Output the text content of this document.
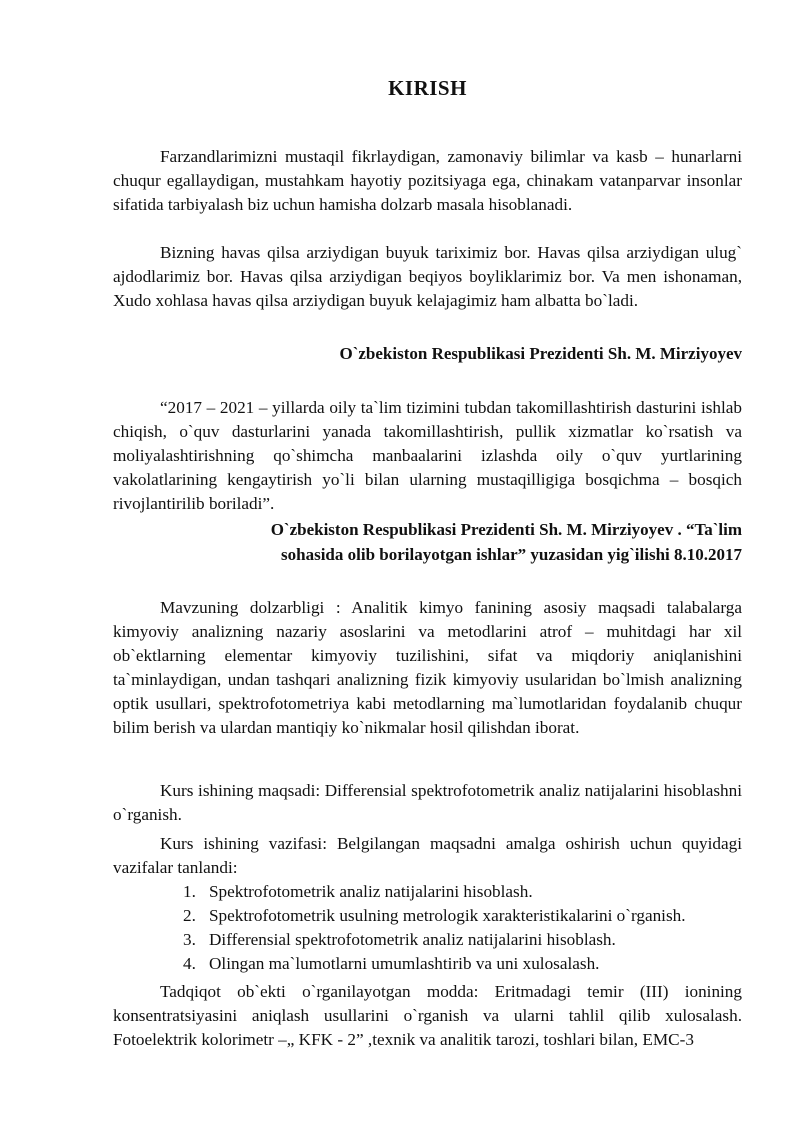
KIRISH

Farzandlarimizni mustaqil fikrlaydigan, zamonaviy bilimlar va kasb – hunarlarni chuqur egallaydigan, mustahkam hayotiy pozitsiyaga ega, chinakam vatanparvar insonlar sifatida tarbiyalash biz uchun hamisha dolzarb masala hisoblanadi.

Bizning havas qilsa arziydigan buyuk tariximiz bor. Havas qilsa arziydigan ulug` ajdodlarimiz bor. Havas qilsa arziydigan beqiyos boyliklarimiz bor. Va men ishonaman, Xudo xohlasa havas qilsa arziydigan buyuk kelajagimiz ham albatta bo`ladi.

O`zbekiston Respublikasi Prezidenti Sh. M. Mirziyoyev

“2017 – 2021 – yillarda oily ta`lim tizimini tubdan takomillashtirish dasturini ishlab chiqish, o`quv dasturlarini yanada takomillashtirish, pullik xizmatlar ko`rsatish va moliyalashtirishning qo`shimcha manbaalarini izlashda oily o`quv yurtlarining vakolatlarining kengaytirish yo`li bilan ularning mustaqilligiga bosqichma – bosqich rivojlantirilib boriladi”.

O`zbekiston Respublikasi Prezidenti Sh. M. Mirziyoyev . “Ta`lim

sohasida olib borilayotgan ishlar” yuzasidan yig`ilishi 8.10.2017

Mavzuning dolzarbligi : Analitik kimyo fanining asosiy maqsadi talabalarga kimyoviy analizning nazariy asoslarini va metodlarini atrof – muhitdagi har xil ob`ektlarning elementar kimyoviy tuzilishini, sifat va miqdoriy aniqlanishini ta`minlaydigan, undan tashqari analizning fizik kimyoviy usularidan bo`lmish analizning optik usullari, spektrofotometriya kabi metodlarning ma`lumotlaridan foydalanib chuqur bilim berish va ulardan mantiqiy ko`nikmalar hosil qilishdan iborat.

Kurs ishining maqsadi: Differensial spektrofotometrik analiz natijalarini hisoblashni o`rganish.

Kurs ishining vazifasi: Belgilangan maqsadni amalga oshirish uchun quyidagi vazifalar tanlandi:

1. Spektrofotometrik analiz natijalarini hisoblash.
2. Spektrofotometrik usulning metrologik xarakteristikalarini o`rganish.
3. Differensial spektrofotometrik analiz natijalarini hisoblash.
4. Olingan ma`lumotlarni umumlashtirib va uni xulosalash.

Tadqiqot ob`ekti o`rganilayotgan modda: Eritmadagi temir (III) ionining konsentratsiyasini aniqlash usullarini o`rganish va ularni tahlil qilib xulosalash. Fotoelektrik kolorimetr –„ KFK - 2” ,texnik va analitik tarozi, toshlari bilan, EMC-3
